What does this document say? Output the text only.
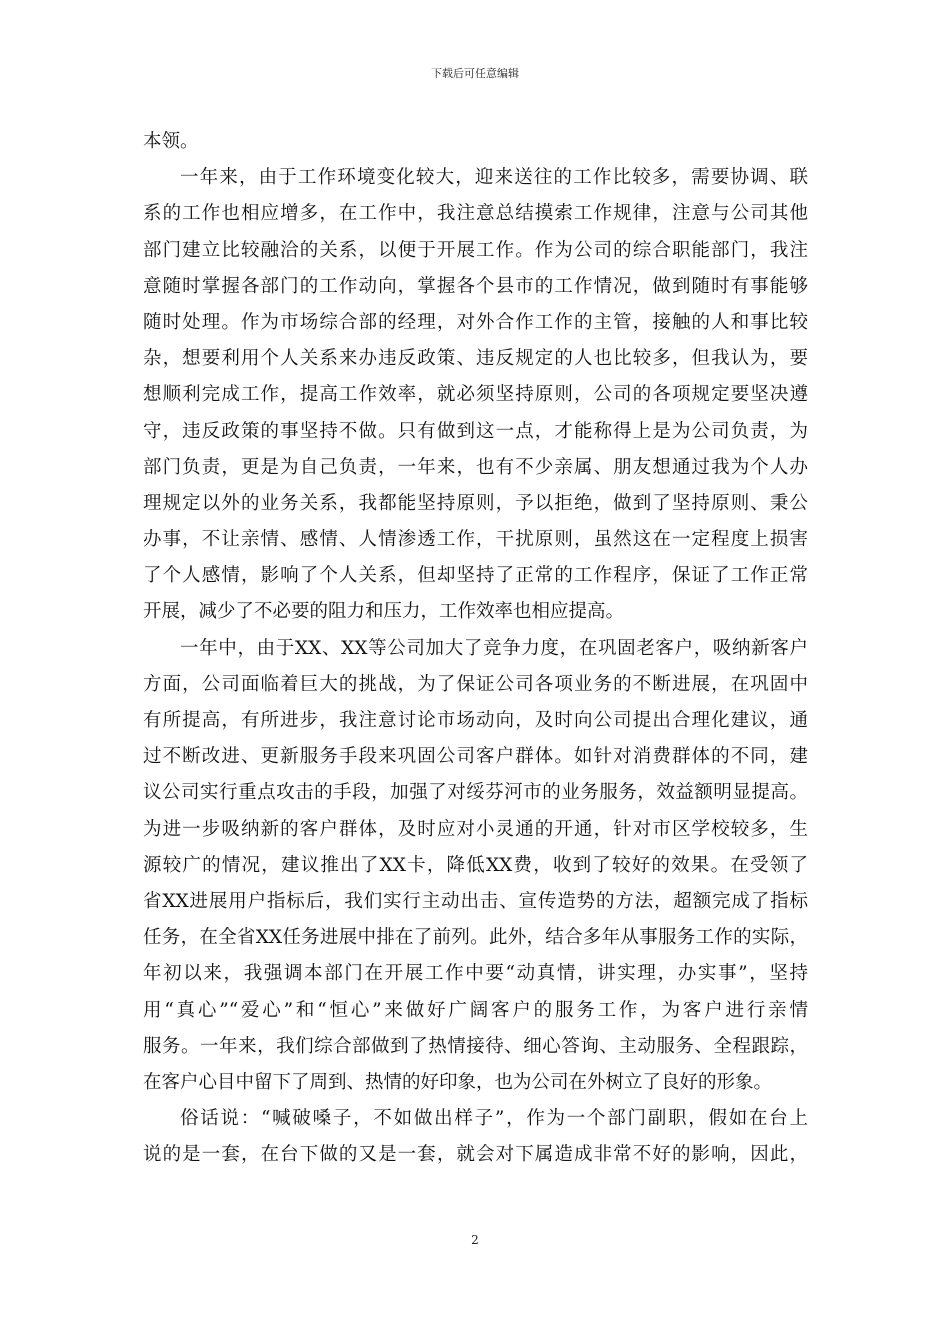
下载后可任意编辑
本领。
一年来，由于工作环境变化较大，迎来送往的工作比较多，需要协调、联
系的工作也相应增多，在工作中，我注意总结摸索工作规律，注意与公司其他
部门建立比较融洽的关系，以便于开展工作。作为公司的综合职能部门，我注
意随时掌握各部门的工作动向，掌握各个县市的工作情况，做到随时有事能够
随时处理。作为市场综合部的经理，对外合作工作的主管，接触的人和事比较
杂，想要利用个人关系来办违反政策、违反规定的人也比较多，但我认为，要
想顺利完成工作，提高工作效率，就必须坚持原则，公司的各项规定要坚决遵
守，违反政策的事坚持不做。只有做到这一点，才能称得上是为公司负责，为
部门负责，更是为自己负责，一年来，也有不少亲属、朋友想通过我为个人办
理规定以外的业务关系，我都能坚持原则，予以拒绝，做到了坚持原则、秉公
办事，不让亲情、感情、人情渗透工作，干扰原则，虽然这在一定程度上损害
了个人感情，影响了个人关系，但却坚持了正常的工作程序，保证了工作正常
开展，减少了不必要的阻力和压力，工作效率也相应提高。
一年中，由于XX、XX等公司加大了竞争力度，在巩固老客户，吸纳新客户
方面，公司面临着巨大的挑战，为了保证公司各项业务的不断进展，在巩固中
有所提高，有所进步，我注意讨论市场动向，及时向公司提出合理化建议，通
过不断改进、更新服务手段来巩固公司客户群体。如针对消费群体的不同，建
议公司实行重点攻击的手段，加强了对绥芬河市的业务服务，效益额明显提高。
为进一步吸纳新的客户群体，及时应对小灵通的开通，针对市区学校较多，生
源较广的情况，建议推出了XX卡，降低XX费，收到了较好的效果。在受领了
省XX进展用户指标后，我们实行主动出击、宣传造势的方法，超额完成了指标
任务，在全省XX任务进展中排在了前列。此外，结合多年从事服务工作的实际，
年初以来，我强调本部门在开展工作中要“动真情，讲实理，办实事”，坚持
用“真心”“爱心”和“恒心”来做好广阔客户的服务工作，为客户进行亲情
服务。一年来，我们综合部做到了热情接待、细心答询、主动服务、全程跟踪，
在客户心目中留下了周到、热情的好印象，也为公司在外树立了良好的形象。
俗话说：“喊破嗓子，不如做出样子”，作为一个部门副职，假如在台上
说的是一套，在台下做的又是一套，就会对下属造成非常不好的影响，因此，
2
